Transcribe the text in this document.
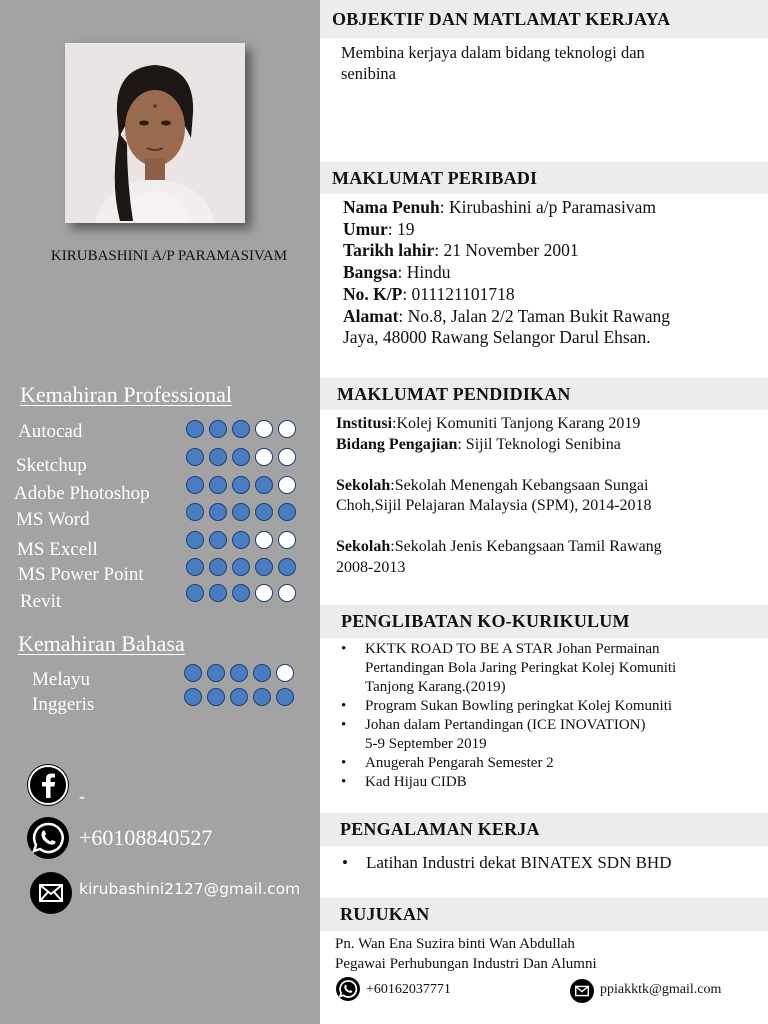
KIRUBASHINI A/P PARAMASIVAM
Kemahiran Professional
Autocad
Sketchup
Adobe Photoshop
MS Word
MS Excell
MS Power Point
Revit
Kemahiran Bahasa
Melayu
Inggeris
-
+60108840527
kirubashini2127@gmail.com
OBJEKTIF DAN MATLAMAT KERJAYA
Membina kerjaya dalam bidang teknologi dan
senibina
MAKLUMAT PERIBADI
Nama Penuh: Kirubashini a/p Paramasivam
Umur: 19
Tarikh lahir: 21 November 2001
Bangsa: Hindu
No. K/P: 011121101718
Alamat: No.8, Jalan 2/2 Taman Bukit Rawang
Jaya, 48000 Rawang Selangor Darul Ehsan.
MAKLUMAT PENDIDIKAN
Institusi:Kolej Komuniti Tanjong Karang 2019
Bidang Pengajian: Sijil Teknologi Senibina

Sekolah:Sekolah Menengah Kebangsaan Sungai
Choh,Sijil Pelajaran Malaysia (SPM), 2014-2018

Sekolah:Sekolah Jenis Kebangsaan Tamil Rawang
2008-2013
PENGLIBATAN KO-KURIKULUM
• KKTK ROAD TO BE A STAR Johan Permainan
Pertandingan Bola Jaring Peringkat Kolej Komuniti
Tanjong Karang.(2019)
• Program Sukan Bowling peringkat Kolej Komuniti
• Johan dalam Pertandingan (ICE INOVATION)
5-9 September 2019
• Anugerah Pengarah Semester 2
• Kad Hijau CIDB
PENGALAMAN KERJA
• Latihan Industri dekat BINATEX SDN BHD
RUJUKAN
Pn. Wan Ena Suzira binti Wan Abdullah
Pegawai Perhubungan Industri Dan Alumni
+60162037771	ppiakktk@gmail.com
